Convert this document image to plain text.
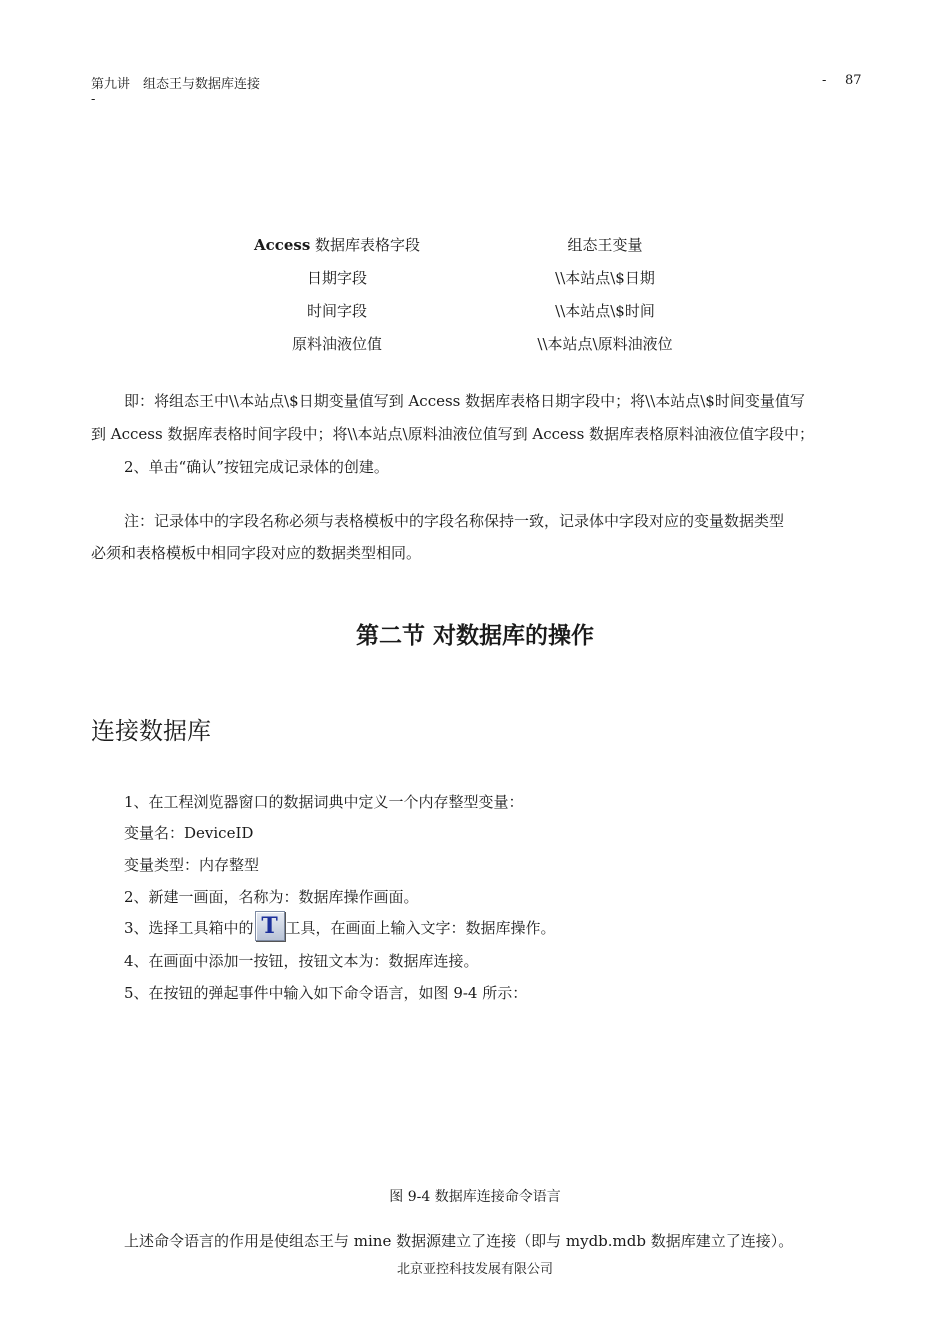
第九讲　组态王与数据库连接	- 87
-
Access 数据库表格字段	组态王变量
日期字段	\\本站点\$日期
时间字段	\\本站点\$时间
原料油液位值	\\本站点\原料油液位
即：将组态王中\\本站点\$日期变量值写到 Access 数据库表格日期字段中；将\\本站点\$时间变量值写
到 Access 数据库表格时间字段中；将\\本站点\原料油液位值写到 Access 数据库表格原料油液位值字段中；
2、单击“确认”按钮完成记录体的创建。
注：记录体中的字段名称必须与表格模板中的字段名称保持一致，记录体中字段对应的变量数据类型
必须和表格模板中相同字段对应的数据类型相同。
第二节 对数据库的操作
连接数据库
1、在工程浏览器窗口的数据词典中定义一个内存整型变量：
变量名：DeviceID
变量类型：内存整型
2、新建一画面，名称为：数据库操作画面。
3、选择工具箱中的 T 工具，在画面上输入文字：数据库操作。
4、在画面中添加一按钮，按钮文本为：数据库连接。
5、在按钮的弹起事件中输入如下命令语言，如图 9-4 所示：
图 9-4 数据库连接命令语言
上述命令语言的作用是使组态王与 mine 数据源建立了连接（即与 mydb.mdb 数据库建立了连接）。
北京亚控科技发展有限公司
